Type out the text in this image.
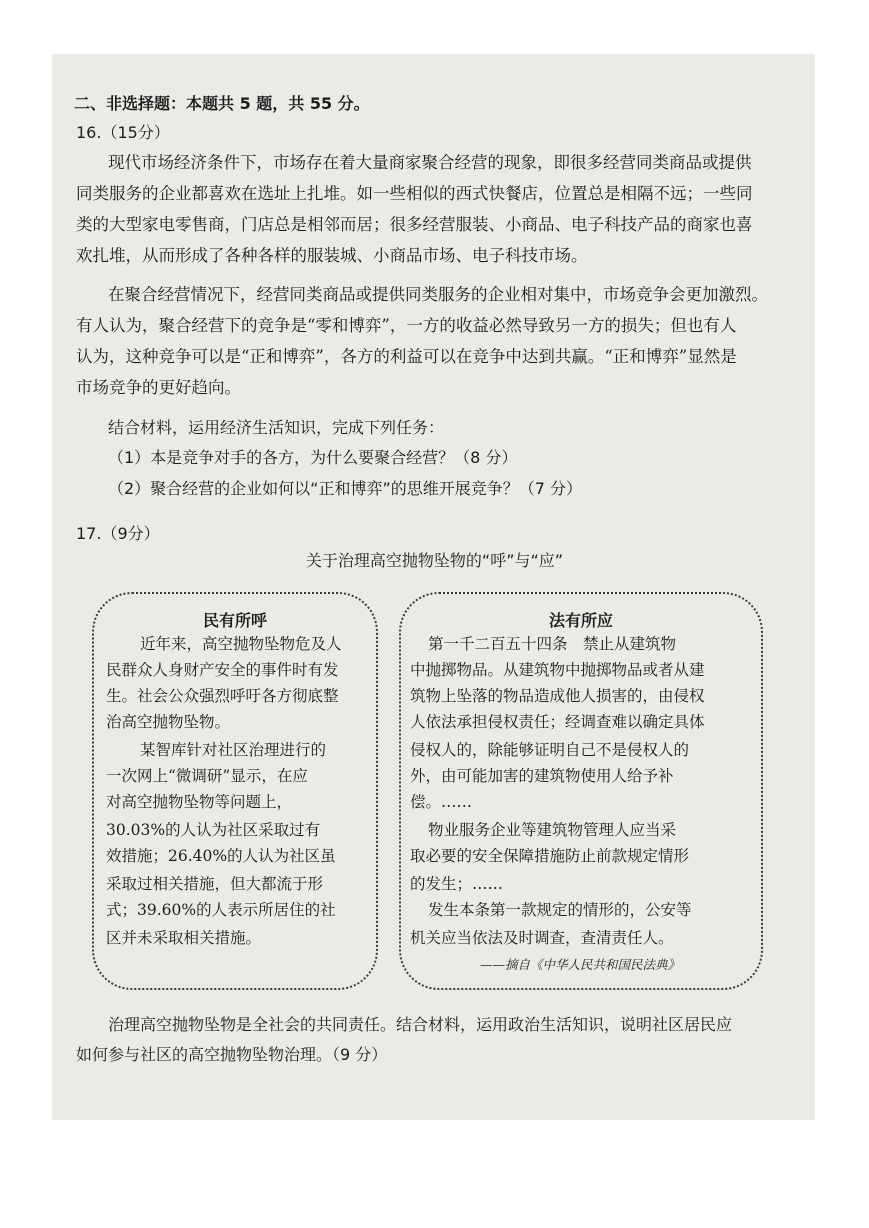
二、非选择题：本题共 5 题，共 55 分。
16.（15分）
现代市场经济条件下，市场存在着大量商家聚合经营的现象，即很多经营同类商品或提供
同类服务的企业都喜欢在选址上扎堆。如一些相似的西式快餐店，位置总是相隔不远；一些同
类的大型家电零售商，门店总是相邻而居；很多经营服装、小商品、电子科技产品的商家也喜
欢扎堆，从而形成了各种各样的服装城、小商品市场、电子科技市场。
在聚合经营情况下，经营同类商品或提供同类服务的企业相对集中，市场竞争会更加激烈。
有人认为，聚合经营下的竞争是“零和博弈”，一方的收益必然导致另一方的损失；但也有人
认为，这种竞争可以是“正和博弈”，各方的利益可以在竞争中达到共赢。“正和博弈”显然是
市场竞争的更好趋向。
结合材料，运用经济生活知识，完成下列任务：
（1）本是竞争对手的各方，为什么要聚合经营？（8 分）
（2）聚合经营的企业如何以“正和博弈”的思维开展竞争？（7 分）
17.（9分）
关于治理高空抛物坠物的“呼”与“应”
民有所呼
近年来，高空抛物坠物危及人
民群众人身财产安全的事件时有发
生。社会公众强烈呼吁各方彻底整
治高空抛物坠物。
某智库针对社区治理进行的
一次网上“微调研”显示，在应
对高空抛物坠物等问题上，
30.03%的人认为社区采取过有
效措施；26.40%的人认为社区虽
采取过相关措施，但大都流于形
式；39.60%的人表示所居住的社
区并未采取相关措施。
法有所应
第一千二百五十四条　禁止从建筑物
中抛掷物品。从建筑物中抛掷物品或者从建
筑物上坠落的物品造成他人损害的，由侵权
人依法承担侵权责任；经调查难以确定具体
侵权人的，除能够证明自己不是侵权人的
外，由可能加害的建筑物使用人给予补
偿。……
物业服务企业等建筑物管理人应当采
取必要的安全保障措施防止前款规定情形
的发生；……
发生本条第一款规定的情形的，公安等
机关应当依法及时调查，查清责任人。
——摘自《中华人民共和国民法典》
治理高空抛物坠物是全社会的共同责任。结合材料，运用政治生活知识，说明社区居民应
如何参与社区的高空抛物坠物治理。（9 分）
